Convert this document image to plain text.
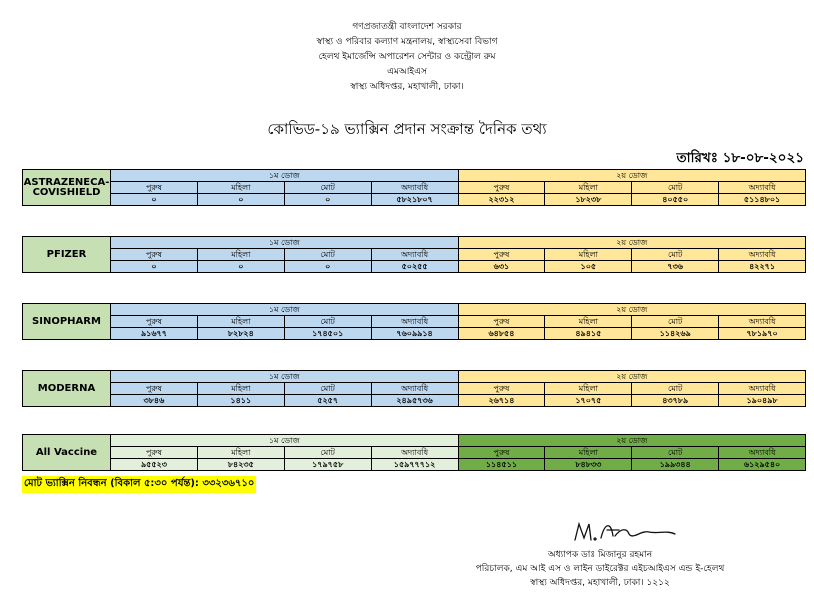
গণপ্রজাতন্ত্রী বাংলাদেশ সরকার
স্বাস্থ্য ও পরিবার কল্যাণ মন্ত্রনালয়, স্বাস্থ্যসেবা বিভাগ
হেলথ ইমার্জেন্সি অপারেশন সেন্টার ও কন্ট্রোল রুম
এমআইএস
স্বাস্থ্য অধিদপ্তর, মহাখালী, ঢাকা।
কোভিড-১৯ ভ্যাক্সিন প্রদান সংক্রান্ত দৈনিক তথ্য
তারিখঃ ১৮-০৮-২০২১
ASTRAZENECA-COVISHIELD	১ম ডোজ				২য় ডোজ			
	পুরুষ	মহিলা	মোট	অদ্যাবধি	পুরুষ	মহিলা	মোট	অদ্যাবধি
	০	০	০	৫৮২১৮০৭	২২৩১২	১৮২৩৮	৪০৫৫০	৫১১৪৮০১
PFIZER	১ম ডোজ				২য় ডোজ			
	পুরুষ	মহিলা	মোট	অদ্যাবধি	পুরুষ	মহিলা	মোট	অদ্যাবধি
	০	০	০	৫০২৫৫	৬৩১	১০৫	৭৩৬	৪২২৭১
SINOPHARM	১ম ডোজ				২য় ডোজ			
	পুরুষ	মহিলা	মোট	অদ্যাবধি	পুরুষ	মহিলা	মোট	অদ্যাবধি
	৯১৬৭৭	৮২৮২৪	১৭৪৫০১	৭৬০৯৯১৪	৬৪৮৫৪	৪৯৪১৫	১১৪২৬৯	৭৮১৯৭০
MODERNA	১ম ডোজ				২য় ডোজ			
	পুরুষ	মহিলা	মোট	অদ্যাবধি	পুরুষ	মহিলা	মোট	অদ্যাবধি
	৩৮৪৬	১৪১১	৫২৫৭	২৪৯৫৭৩৬	২৬৭১৪	১৭০৭৫	৪৩৭৮৯	১৯০৪৯৮
All Vaccine	১ম ডোজ				২য় ডোজ			
	পুরুষ	মহিলা	মোট	অদ্যাবধি	পুরুষ	মহিলা	মোট	অদ্যাবধি
	৯৫৫২৩	৮৪২৩৫	১৭৯৭৫৮	১৫৯৭৭৭১২	১১৪৫১১	৮৪৮৩৩	১৯৯৩৪৪	৬১২৯৫৪০
মোট ভ্যাক্সিন নিবন্ধন (বিকাল ৫:৩০ পর্যন্ত): ৩৩২৩৬৭১০
অধ্যাপক ডাঃ মিজানুর রহমান
পরিচালক, এম আই এস ও লাইন ডাইরেক্টর এইচআইএস এন্ড ই-হেলথ
স্বাস্থ্য অধিদপ্তর, মহাখালী, ঢাকা। ১২১২
